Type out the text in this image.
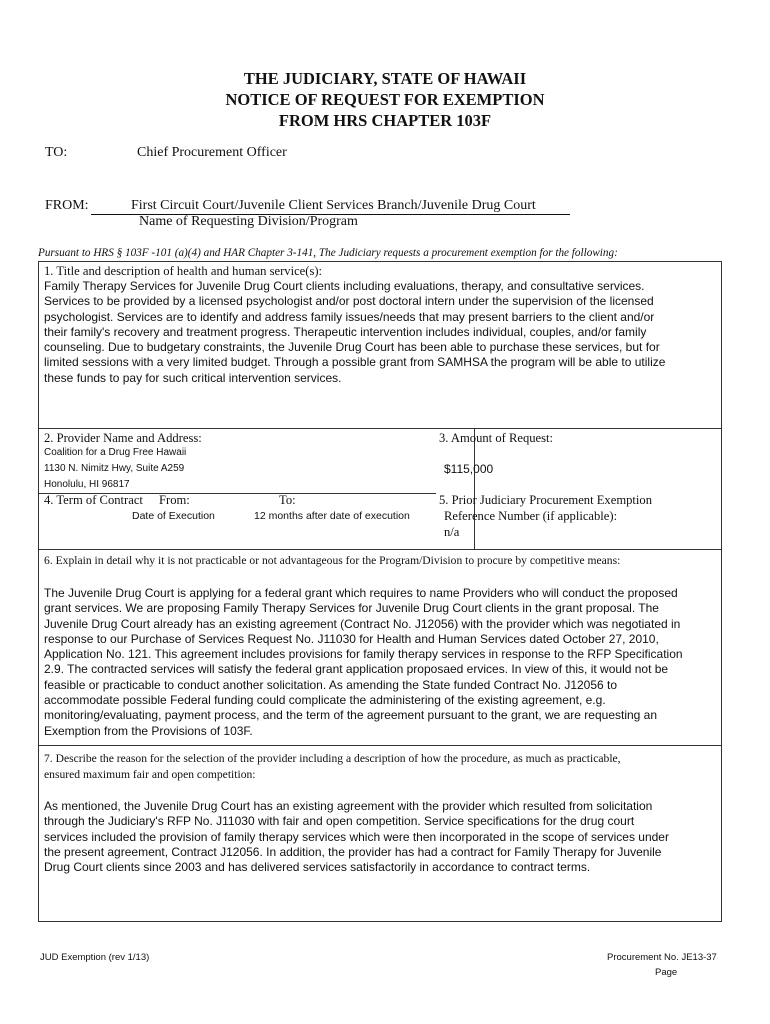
THE JUDICIARY, STATE OF HAWAII
NOTICE OF REQUEST FOR EXEMPTION
FROM HRS CHAPTER 103F
TO:	Chief Procurement Officer
FROM:	First Circuit Court/Juvenile Client Services Branch/Juvenile Drug Court
Name of Requesting Division/Program
Pursuant to HRS § 103F -101 (a)(4) and HAR Chapter 3-141, The Judiciary requests a procurement exemption for the following:
1. Title and description of health and human service(s):
Family Therapy Services for Juvenile Drug Court clients including evaluations, therapy, and consultative services.
Services to be provided by a licensed psychologist and/or post doctoral intern under the supervision of the licensed
psychologist. Services are to identify and address family issues/needs that may present barriers to the client and/or
their family's recovery and treatment progress. Therapeutic intervention includes individual, couples, and/or family
counseling. Due to budgetary constraints, the Juvenile Drug Court has been able to purchase these services, but for
limited sessions with a very limited budget. Through a possible grant from SAMHSA the program will be able to utilize
these funds to pay for such critical intervention services.
2. Provider Name and Address:
Coalition for a Drug Free Hawaii
1130 N. Nimitz Hwy, Suite A259
Honolulu, HI 96817
3. Amount of Request:
$115,000
4. Term of Contract From:	To:
Date of Execution	12 months after date of execution
5. Prior Judiciary Procurement Exemption
Reference Number (if applicable):
n/a
6. Explain in detail why it is not practicable or not advantageous for the Program/Division to procure by competitive means:
The Juvenile Drug Court is applying for a federal grant which requires to name Providers who will conduct the proposed
grant services. We are proposing Family Therapy Services for Juvenile Drug Court clients in the grant proposal. The
Juvenile Drug Court already has an existing agreement (Contract No. J12056) with the provider which was negotiated in
response to our Purchase of Services Request No. J11030 for Health and Human Services dated October 27, 2010,
Application No. 121. This agreement includes provisions for family therapy services in response to the RFP Specification
2.9. The contracted services will satisfy the federal grant application proposaed ervices. In view of this, it would not be
feasible or practicable to conduct another solicitation. As amending the State funded Contract No. J12056 to
accommodate possible Federal funding could complicate the administering of the existing agreement, e.g.
monitoring/evaluating, payment process, and the term of the agreement pursuant to the grant, we are requesting an
Exemption from the Provisions of 103F.
7. Describe the reason for the selection of the provider including a description of how the procedure, as much as practicable,
ensured maximum fair and open competition:
As mentioned, the Juvenile Drug Court has an existing agreement with the provider which resulted from solicitation
through the Judiciary's RFP No. J11030 with fair and open competition. Service specifications for the drug court
services included the provision of family therapy services which were then incorporated in the scope of services under
the present agreement, Contract J12056. In addition, the provider has had a contract for Family Therapy for Juvenile
Drug Court clients since 2003 and has delivered services satisfactorily in accordance to contract terms.
JUD Exemption (rev 1/13)	Procurement No. JE13-37
Page
